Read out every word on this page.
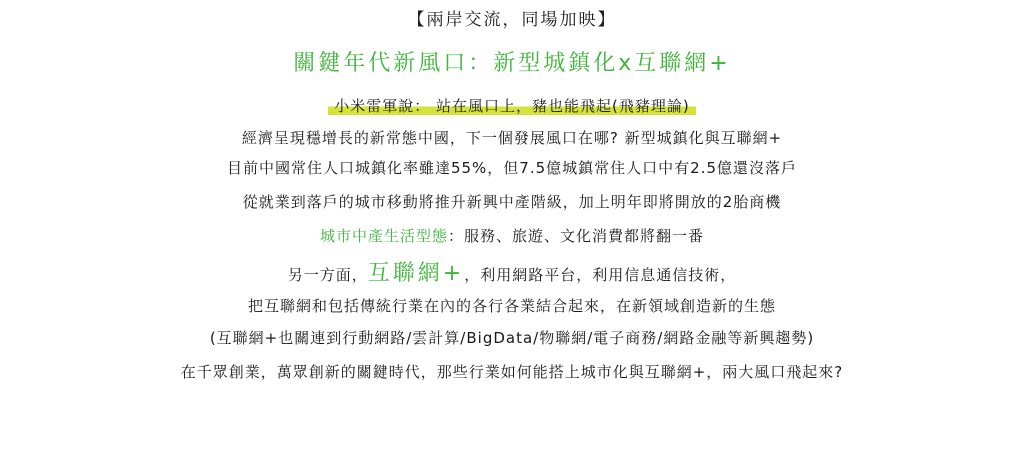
【兩岸交流，同場加映】
關鍵年代新風口：新型城鎮化x互聯網+
小米雷軍說： 站在風口上，豬也能飛起(飛豬理論)
經濟呈現穩增長的新常態中國，下一個發展風口在哪? 新型城鎮化與互聯網+
目前中國常住人口城鎮化率雖達55%，但7.5億城鎮常住人口中有2.5億還沒落戶
從就業到落戶的城市移動將推升新興中產階級，加上明年即將開放的2胎商機
城市中產生活型態：服務、旅遊、文化消費都將翻一番
另一方面，互聯網+，利用網路平台，利用信息通信技術，
把互聯網和包括傳統行業在內的各行各業結合起來，在新領域創造新的生態
(互聯網+也關連到行動網路/雲計算/BigData/物聯網/電子商務/網路金融等新興趨勢)
在千眾創業，萬眾創新的關鍵時代，那些行業如何能搭上城市化與互聯網+，兩大風口飛起來?
